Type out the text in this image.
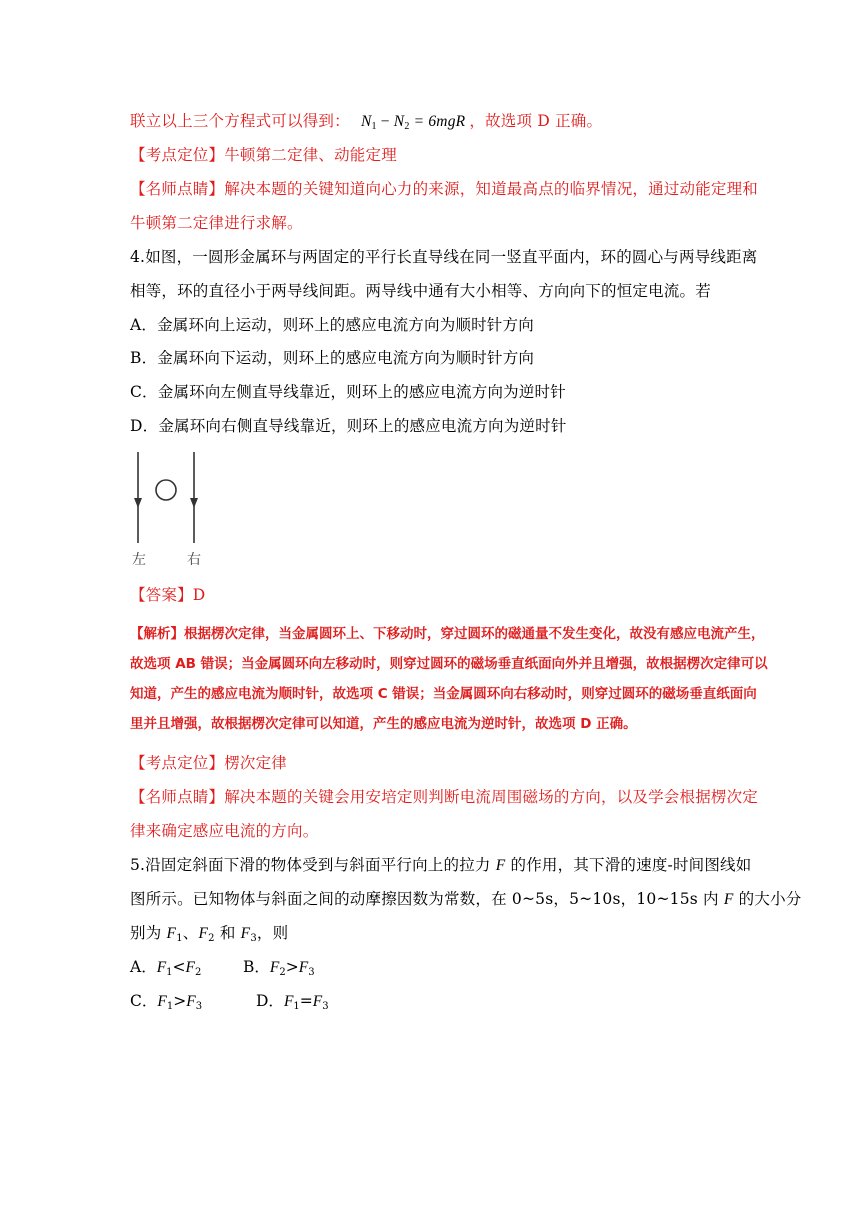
联立以上三个方程式可以得到： $N_1 - N_2 = 6mgR$ ，故选项 D 正确。
【考点定位】牛顿第二定律、动能定理
【名师点睛】解决本题的关键知道向心力的来源，知道最高点的临界情况，通过动能定理和
牛顿第二定律进行求解。
4.如图，一圆形金属环与两固定的平行长直导线在同一竖直平面内，环的圆心与两导线距离
相等，环的直径小于两导线间距。两导线中通有大小相等、方向向下的恒定电流。若
A．金属环向上运动，则环上的感应电流方向为顺时针方向
B．金属环向下运动，则环上的感应电流方向为顺时针方向
C．金属环向左侧直导线靠近，则环上的感应电流方向为逆时针
D．金属环向右侧直导线靠近，则环上的感应电流方向为逆时针
左	右
【答案】D
【解析】根据楞次定律，当金属圆环上、下移动时，穿过圆环的磁通量不发生变化，故没有感应电流产生，
故选项 AB 错误；当金属圆环向左移动时，则穿过圆环的磁场垂直纸面向外并且增强，故根据楞次定律可以
知道，产生的感应电流为顺时针，故选项 C 错误；当金属圆环向右移动时，则穿过圆环的磁场垂直纸面向
里并且增强，故根据楞次定律可以知道，产生的感应电流为逆时针，故选项 D 正确。
【考点定位】楞次定律
【名师点睛】解决本题的关键会用安培定则判断电流周围磁场的方向，以及学会根据楞次定
律来确定感应电流的方向。
5.沿固定斜面下滑的物体受到与斜面平行向上的拉力 F 的作用，其下滑的速度-时间图线如
图所示。已知物体与斜面之间的动摩擦因数为常数，在 0~5s，5~10s，10~15s 内 F 的大小分
别为 $F_1$、$F_2$ 和 $F_3$，则
A．$F_1<F_2$	B．$F_2>F_3$
C．$F_1>F_3$	D．$F_1=F_3$
